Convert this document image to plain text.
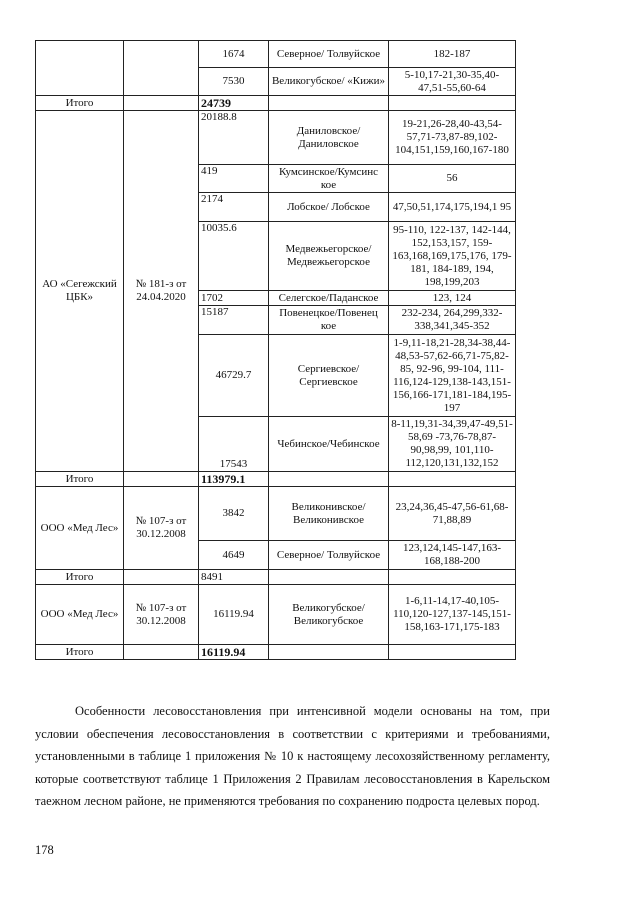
		1674	Северное/ Толвуйское	182-187
		7530	Великогубское/ «Кижи»	5-10,17-21,30-35,40-47,51-55,60-64
Итого		24739		
АО «Сегежский ЦБК»	№ 181-з от 24.04.2020	20188.8	Даниловское/ Даниловское	19-21,26-28,40-43,54-57,71-73,87-89,102-104,151,159,160,167-180
		419	Кумсинское/Кумсинс кое	56
		2174	Лобское/ Лобское	47,50,51,174,175,194,1 95
		10035.6	Медвежьегорское/ Медвежьегорское	95-110, 122-137, 142-144, 152,153,157, 159-163,168,169,175,176, 179-181, 184-189, 194, 198,199,203
		1702	Селегское/Паданское	123, 124
		15187	Повенецкое/Повенец кое	232-234, 264,299,332-338,341,345-352
		46729.7	Сергиевское/ Сергиевское	1-9,11-18,21-28,34-38,44-48,53-57,62-66,71-75,82-85, 92-96, 99-104, 111-116,124-129,138-143,151-156,166-171,181-184,195-197
		17543	Чебинское/Чебинское	8-11,19,31-34,39,47-49,51-58,69 -73,76-78,87-90,98,99, 101,110-112,120,131,132,152
Итого		113979.1		
ООО «Мед Лес»	№ 107-з от 30.12.2008	3842	Великонивское/ Великонивское	23,24,36,45-47,56-61,68-71,88,89
		4649	Северное/ Толвуйское	123,124,145-147,163-168,188-200
Итого		8491		
ООО «Мед Лес»	№ 107-з от 30.12.2008	16119.94	Великогубское/ Великогубское	1-6,11-14,17-40,105-110,120-127,137-145,151-158,163-171,175-183
Итого		16119.94		

Особенности лесовосстановления при интенсивной модели основаны на том, при условии обеспечения лесовосстановления в соответствии с критериями и требованиями, установленными в таблице 1 приложения № 10 к настоящему лесохозяйственному регламенту, которые соответствуют таблице 1 Приложения 2 Правилам лесовосстановления в Карельском таежном лесном районе, не применяются требования по сохранению подроста целевых пород.

178
